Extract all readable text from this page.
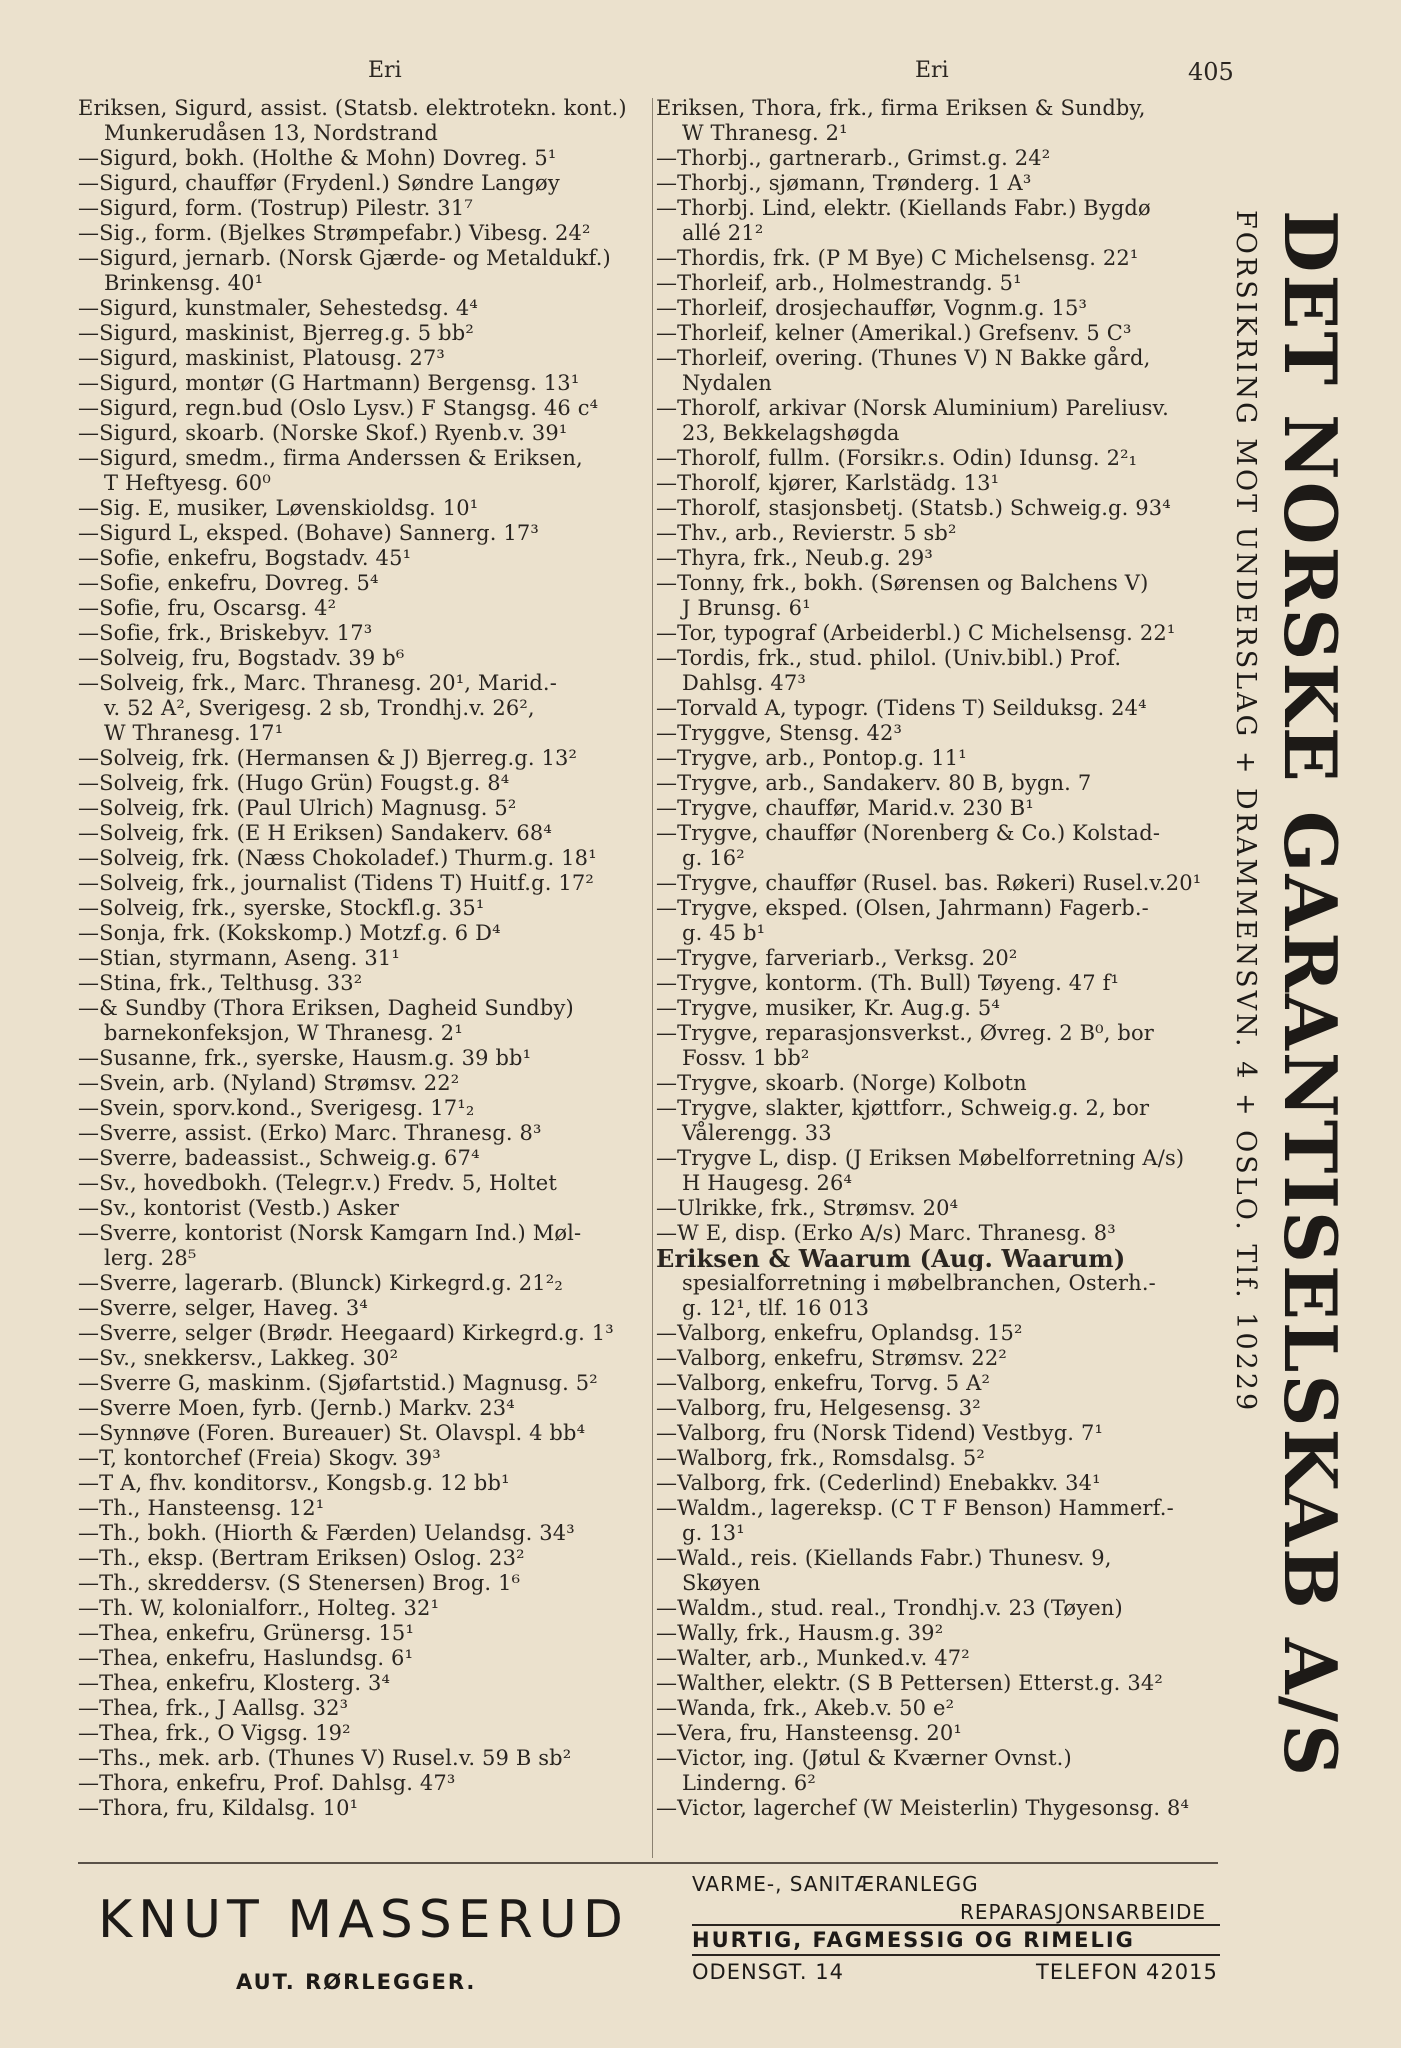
Eri	Eri	405
Eriksen, Sigurd, assist. (Statsb. elektrotekn. kont.)
Munkerudåsen 13, Nordstrand
—Sigurd, bokh. (Holthe & Mohn) Dovreg. 5¹
—Sigurd, chauffør (Frydenl.) Søndre Langøy
—Sigurd, form. (Tostrup) Pilestr. 31⁷
—Sig., form. (Bjelkes Strømpefabr.) Vibesg. 24²
—Sigurd, jernarb. (Norsk Gjærde- og Metaldukf.)
Brinkensg. 40¹
—Sigurd, kunstmaler, Sehestedsg. 4⁴
—Sigurd, maskinist, Bjerreg.g. 5 bb²
—Sigurd, maskinist, Platousg. 27³
—Sigurd, montør (G Hartmann) Bergensg. 13¹
—Sigurd, regn.bud (Oslo Lysv.) F Stangsg. 46 c⁴
—Sigurd, skoarb. (Norske Skof.) Ryenb.v. 39¹
—Sigurd, smedm., firma Anderssen & Eriksen,
T Heftyesg. 60⁰
—Sig. E, musiker, Løvenskioldsg. 10¹
—Sigurd L, eksped. (Bohave) Sannerg. 17³
—Sofie, enkefru, Bogstadv. 45¹
—Sofie, enkefru, Dovreg. 5⁴
—Sofie, fru, Oscarsg. 4²
—Sofie, frk., Briskebyv. 17³
—Solveig, fru, Bogstadv. 39 b⁶
—Solveig, frk., Marc. Thranesg. 20¹, Marid.-
v. 52 A², Sverigesg. 2 sb, Trondhj.v. 26²,
W Thranesg. 17¹
—Solveig, frk. (Hermansen & J) Bjerreg.g. 13²
—Solveig, frk. (Hugo Grün) Fougst.g. 8⁴
—Solveig, frk. (Paul Ulrich) Magnusg. 5²
—Solveig, frk. (E H Eriksen) Sandakerv. 68⁴
—Solveig, frk. (Næss Chokoladef.) Thurm.g. 18¹
—Solveig, frk., journalist (Tidens T) Huitf.g. 17²
—Solveig, frk., syerske, Stockfl.g. 35¹
—Sonja, frk. (Kokskomp.) Motzf.g. 6 D⁴
—Stian, styrmann, Aseng. 31¹
—Stina, frk., Telthusg. 33²
—& Sundby (Thora Eriksen, Dagheid Sundby)
barnekonfeksjon, W Thranesg. 2¹
—Susanne, frk., syerske, Hausm.g. 39 bb¹
—Svein, arb. (Nyland) Strømsv. 22²
—Svein, sporv.kond., Sverigesg. 17¹₂
—Sverre, assist. (Erko) Marc. Thranesg. 8³
—Sverre, badeassist., Schweig.g. 67⁴
—Sv., hovedbokh. (Telegr.v.) Fredv. 5, Holtet
—Sv., kontorist (Vestb.) Asker
—Sverre, kontorist (Norsk Kamgarn Ind.) Møl-
lerg. 28⁵
—Sverre, lagerarb. (Blunck) Kirkegrd.g. 21²₂
—Sverre, selger, Haveg. 3⁴
—Sverre, selger (Brødr. Heegaard) Kirkegrd.g. 1³
—Sv., snekkersv., Lakkeg. 30²
—Sverre G, maskinm. (Sjøfartstid.) Magnusg. 5²
—Sverre Moen, fyrb. (Jernb.) Markv. 23⁴
—Synnøve (Foren. Bureauer) St. Olavspl. 4 bb⁴
—T, kontorchef (Freia) Skogv. 39³
—T A, fhv. konditorsv., Kongsb.g. 12 bb¹
—Th., Hansteensg. 12¹
—Th., bokh. (Hiorth & Færden) Uelandsg. 34³
—Th., eksp. (Bertram Eriksen) Oslog. 23²
—Th., skreddersv. (S Stenersen) Brog. 1⁶
—Th. W, kolonialforr., Holteg. 32¹
—Thea, enkefru, Grünersg. 15¹
—Thea, enkefru, Haslundsg. 6¹
—Thea, enkefru, Klosterg. 3⁴
—Thea, frk., J Aallsg. 32³
—Thea, frk., O Vigsg. 19²
—Ths., mek. arb. (Thunes V) Rusel.v. 59 B sb²
—Thora, enkefru, Prof. Dahlsg. 47³
—Thora, fru, Kildalsg. 10¹
Eriksen, Thora, frk., firma Eriksen & Sundby,
W Thranesg. 2¹
—Thorbj., gartnerarb., Grimst.g. 24²
—Thorbj., sjømann, Trønderg. 1 A³
—Thorbj. Lind, elektr. (Kiellands Fabr.) Bygdø
allé 21²
—Thordis, frk. (P M Bye) C Michelsensg. 22¹
—Thorleif, arb., Holmestrandg. 5¹
—Thorleif, drosjechauffør, Vognm.g. 15³
—Thorleif, kelner (Amerikal.) Grefsenv. 5 C³
—Thorleif, overing. (Thunes V) N Bakke gård,
Nydalen
—Thorolf, arkivar (Norsk Aluminium) Pareliusv.
23, Bekkelagshøgda
—Thorolf, fullm. (Forsikr.s. Odin) Idunsg. 2²₁
—Thorolf, kjører, Karlstädg. 13¹
—Thorolf, stasjonsbetj. (Statsb.) Schweig.g. 93⁴
—Thv., arb., Revierstr. 5 sb²
—Thyra, frk., Neub.g. 29³
—Tonny, frk., bokh. (Sørensen og Balchens V)
J Brunsg. 6¹
—Tor, typograf (Arbeiderbl.) C Michelsensg. 22¹
—Tordis, frk., stud. philol. (Univ.bibl.) Prof.
Dahlsg. 47³
—Torvald A, typogr. (Tidens T) Seilduksg. 24⁴
—Tryggve, Stensg. 42³
—Trygve, arb., Pontop.g. 11¹
—Trygve, arb., Sandakerv. 80 B, bygn. 7
—Trygve, chauffør, Marid.v. 230 B¹
—Trygve, chauffør (Norenberg & Co.) Kolstad-
g. 16²
—Trygve, chauffør (Rusel. bas. Røkeri) Rusel.v.20¹
—Trygve, eksped. (Olsen, Jahrmann) Fagerb.-
g. 45 b¹
—Trygve, farveriarb., Verksg. 20²
—Trygve, kontorm. (Th. Bull) Tøyeng. 47 f¹
—Trygve, musiker, Kr. Aug.g. 5⁴
—Trygve, reparasjonsverkst., Øvreg. 2 B⁰, bor
Fossv. 1 bb²
—Trygve, skoarb. (Norge) Kolbotn
—Trygve, slakter, kjøttforr., Schweig.g. 2, bor
Vålerengg. 33
—Trygve L, disp. (J Eriksen Møbelforretning A/s)
H Haugesg. 26⁴
—Ulrikke, frk., Strømsv. 20⁴
—W E, disp. (Erko A/s) Marc. Thranesg. 8³
Eriksen & Waarum (Aug. Waarum)
spesialforretning i møbelbranchen, Osterh.-
g. 12¹, tlf. 16 013
—Valborg, enkefru, Oplandsg. 15²
—Valborg, enkefru, Strømsv. 22²
—Valborg, enkefru, Torvg. 5 A²
—Valborg, fru, Helgesensg. 3²
—Valborg, fru (Norsk Tidend) Vestbyg. 7¹
—Walborg, frk., Romsdalsg. 5²
—Valborg, frk. (Cederlind) Enebakkv. 34¹
—Waldm., lagereksp. (C T F Benson) Hammerf.-
g. 13¹
—Wald., reis. (Kiellands Fabr.) Thunesv. 9,
Skøyen
—Waldm., stud. real., Trondhj.v. 23 (Tøyen)
—Wally, frk., Hausm.g. 39²
—Walter, arb., Munked.v. 47²
—Walther, elektr. (S B Pettersen) Etterst.g. 34²
—Wanda, frk., Akeb.v. 50 e²
—Vera, fru, Hansteensg. 20¹
—Victor, ing. (Jøtul & Kværner Ovnst.)
Linderng. 6²
—Victor, lagerchef (W Meisterlin) Thygesonsg. 8⁴
DET NORSKE GARANTISELSKAB A/S
FORSIKRING MOT UNDERSLAG + DRAMMENSVN. 4 + OSLO. Tlf. 10229
KNUT MASSERUD
AUT. RØRLEGGER.
VARME-, SANITÆRANLEGG
REPARASJONSARBEIDE
HURTIG, FAGMESSIG OG RIMELIG
ODENSGT. 14	TELEFON 42015
